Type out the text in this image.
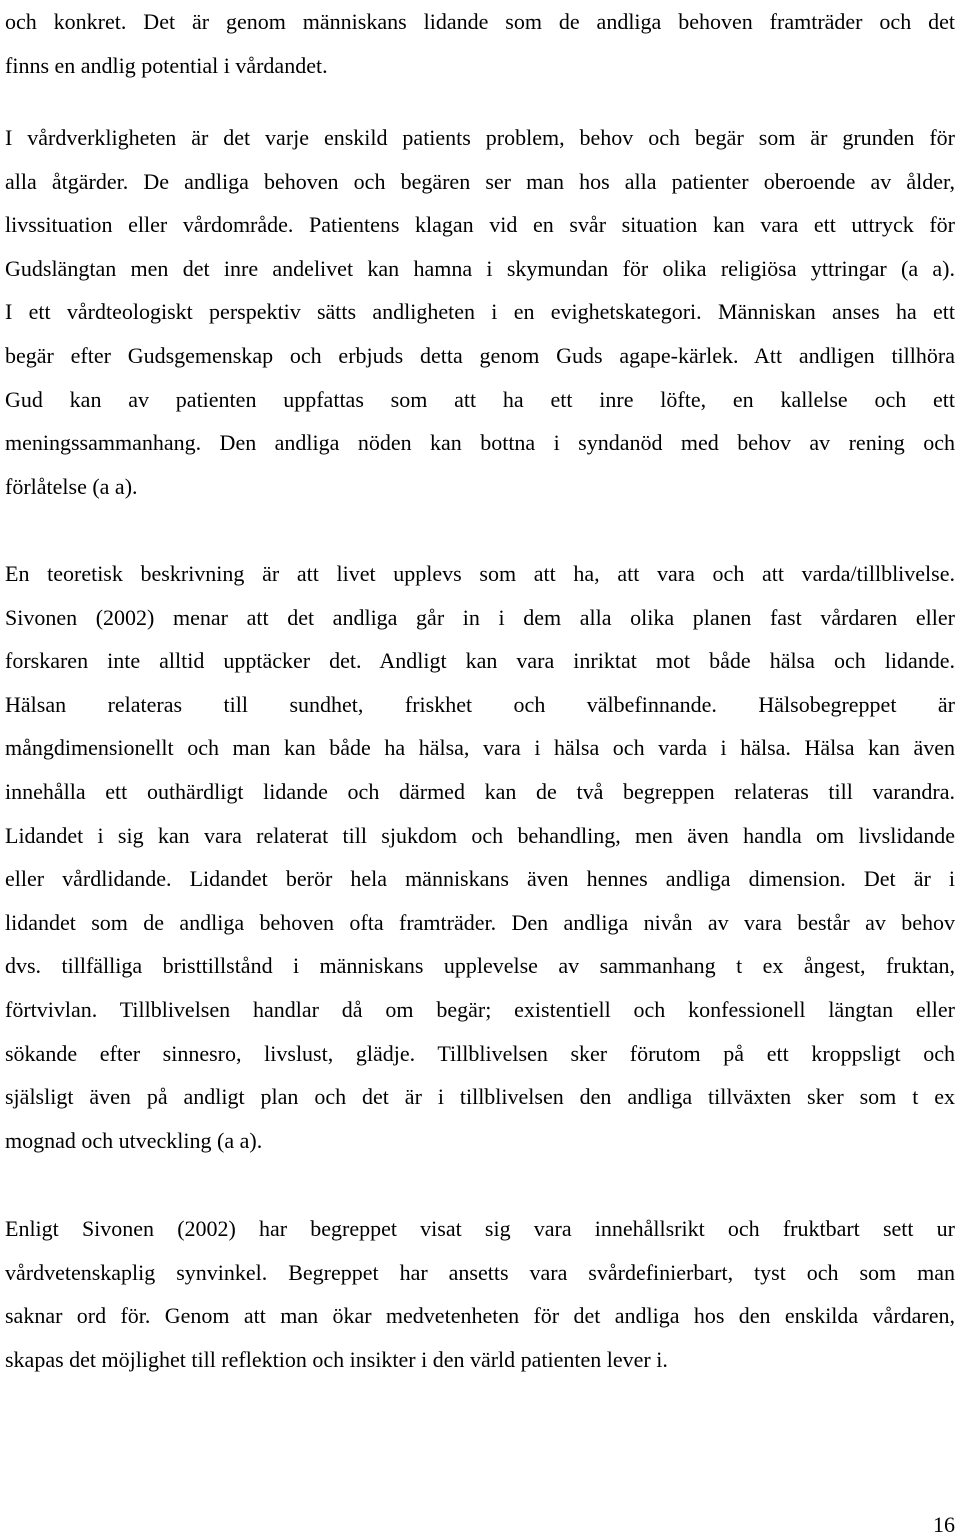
och konkret. Det är genom människans lidande som de andliga behoven framträder och det
finns en andlig potential i vårdandet.
I vårdverkligheten är det varje enskild patients problem, behov och begär som är grunden för
alla åtgärder. De andliga behoven och begären ser man hos alla patienter oberoende av ålder,
livssituation eller vårdområde. Patientens klagan vid en svår situation kan vara ett uttryck för
Gudslängtan men det inre andelivet kan hamna i skymundan för olika religiösa yttringar (a a).
I ett vårdteologiskt perspektiv sätts andligheten i en evighetskategori. Människan anses ha ett
begär efter Gudsgemenskap och erbjuds detta genom Guds agape-kärlek. Att andligen tillhöra
Gud kan av patienten uppfattas som att ha ett inre löfte, en kallelse och ett
meningssammanhang. Den andliga nöden kan bottna i syndanöd med behov av rening och
förlåtelse (a a).
En teoretisk beskrivning är att livet upplevs som att ha, att vara och att varda/tillblivelse.
Sivonen (2002) menar att det andliga går in i dem alla olika planen fast vårdaren eller
forskaren inte alltid upptäcker det. Andligt kan vara inriktat mot både hälsa och lidande.
Hälsan relateras till sundhet, friskhet och välbefinnande. Hälsobegreppet är
mångdimensionellt och man kan både ha hälsa, vara i hälsa och varda i hälsa. Hälsa kan även
innehålla ett outhärdligt lidande och därmed kan de två begreppen relateras till varandra.
Lidandet i sig kan vara relaterat till sjukdom och behandling, men även handla om livslidande
eller vårdlidande. Lidandet berör hela människans även hennes andliga dimension. Det är i
lidandet som de andliga behoven ofta framträder. Den andliga nivån av vara består av behov
dvs. tillfälliga bristtillstånd i människans upplevelse av sammanhang t ex ångest, fruktan,
förtvivlan. Tillblivelsen handlar då om begär; existentiell och konfessionell längtan eller
sökande efter sinnesro, livslust, glädje. Tillblivelsen sker förutom på ett kroppsligt och
själsligt även på andligt plan och det är i tillblivelsen den andliga tillväxten sker som t ex
mognad och utveckling (a a).
Enligt Sivonen (2002) har begreppet visat sig vara innehållsrikt och fruktbart sett ur
vårdvetenskaplig synvinkel. Begreppet har ansetts vara svårdefinierbart, tyst och som man
saknar ord för. Genom att man ökar medvetenheten för det andliga hos den enskilda vårdaren,
skapas det möjlighet till reflektion och insikter i den värld patienten lever i.
16
